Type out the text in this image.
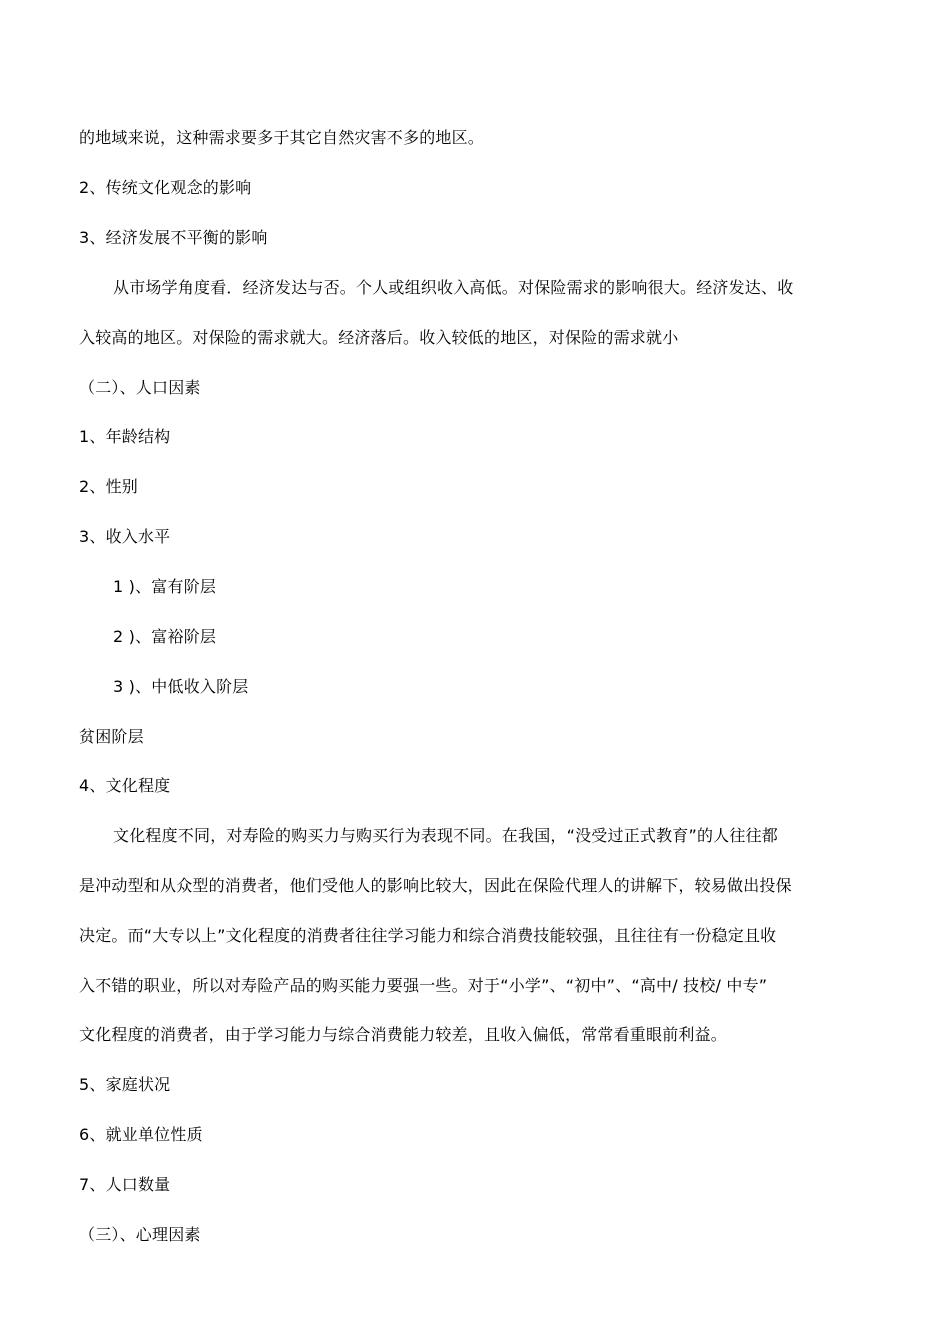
的地域来说，这种需求要多于其它自然灾害不多的地区。
2、传统文化观念的影响
3、经济发展不平衡的影响
从市场学角度看．经济发达与否。个人或组织收入高低。对保险需求的影响很大。经济发达、收
入较高的地区。对保险的需求就大。经济落后。收入较低的地区，对保险的需求就小
（二）、人口因素
1、年龄结构
2、性别
3、收入水平
1 )、富有阶层
2 )、富裕阶层
3 )、中低收入阶层
贫困阶层
4、文化程度
文化程度不同，对寿险的购买力与购买行为表现不同。在我国，“没受过正式教育”的人往往都
是冲动型和从众型的消费者，他们受他人的影响比较大，因此在保险代理人的讲解下，较易做出投保
决定。而“大专以上”文化程度的消费者往往学习能力和综合消费技能较强，且往往有一份稳定且收
入不错的职业，所以对寿险产品的购买能力要强一些。对于“小学”、“初中”、“高中/ 技校/ 中专”
文化程度的消费者，由于学习能力与综合消费能力较差，且收入偏低，常常看重眼前利益。
5、家庭状况
6、就业单位性质
7、人口数量
（三）、心理因素
